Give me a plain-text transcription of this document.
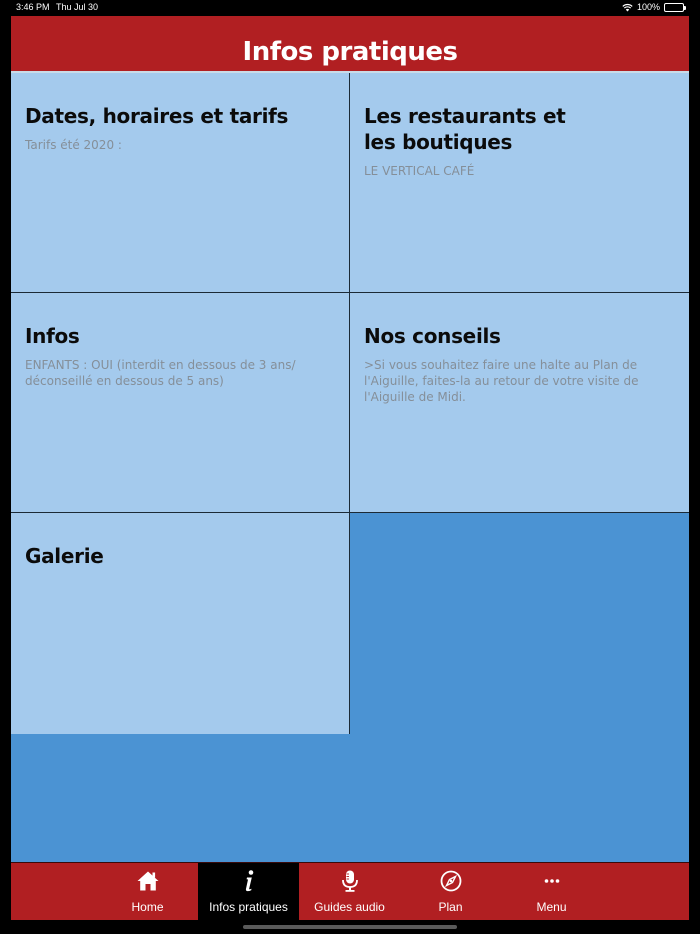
3:46 PM Thu Jul 30	100%
Infos pratiques
Dates, horaires et tarifs
Tarifs été 2020 :
Les restaurants et
les boutiques
LE VERTICAL CAFÉ
Infos
ENFANTS : OUI (interdit en dessous de 3 ans/ déconseillé en dessous de 5 ans)
Nos conseils
>Si vous souhaitez faire une halte au Plan de l'Aiguille, faites-la au retour de votre visite de l'Aiguille de Midi.
Galerie
Home	Infos pratiques	Guides audio	Plan	Menu
